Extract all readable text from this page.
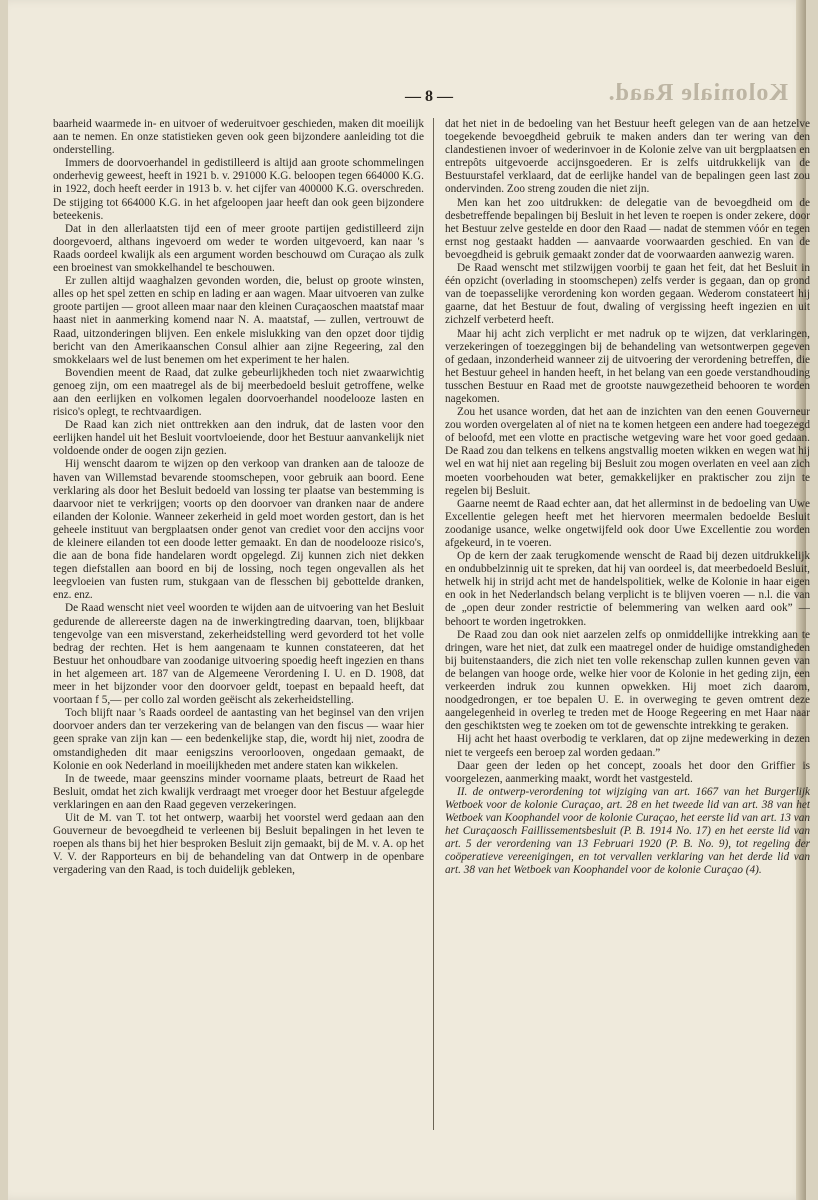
Koloniale Raad.
— 8 —

baarheid waarmede in- en uitvoer of wederuitvoer geschieden, maken dit moeilijk aan te nemen. En onze statistieken geven ook geen bijzondere aanleiding tot die onderstelling.

Immers de doorvoerhandel in gedistilleerd is altijd aan groote schommelingen onderhevig geweest, heeft in 1921 b. v. 291000 K.G. beloopen tegen 664000 K.G. in 1922, doch heeft eerder in 1913 b. v. het cijfer van 400000 K.G. overschreden. De stijging tot 664000 K.G. in het afgeloopen jaar heeft dan ook geen bijzondere beteekenis.

Dat in den allerlaatsten tijd een of meer groote partijen gedistilleerd zijn doorgevoerd, althans ingevoerd om weder te worden uitgevoerd, kan naar 's Raads oordeel kwalijk als een argument worden beschouwd om Curaçao als zulk een broeinest van smokkelhandel te beschouwen.

Er zullen altijd waaghalzen gevonden worden, die, belust op groote winsten, alles op het spel zetten en schip en lading er aan wagen. Maar uitvoeren van zulke groote partijen — groot alleen maar naar den kleinen Curaçaoschen maatstaf maar haast niet in aanmerking komend naar N. A. maatstaf, — zullen, vertrouwt de Raad, uitzonderingen blijven. Een enkele mislukking van den opzet door tijdig bericht van den Amerikaanschen Consul alhier aan zijne Regeering, zal den smokkelaars wel de lust benemen om het experiment te her halen.

Bovendien meent de Raad, dat zulke gebeurlijkheden toch niet zwaarwichtig genoeg zijn, om een maatregel als de bij meerbedoeld besluit getroffene, welke aan den eerlijken en volkomen legalen doorvoerhandel noodelooze lasten en risico's oplegt, te rechtvaardigen.

De Raad kan zich niet onttrekken aan den indruk, dat de lasten voor den eerlijken handel uit het Besluit voortvloeiende, door het Bestuur aanvankelijk niet voldoende onder de oogen zijn gezien.

Hij wenscht daarom te wijzen op den verkoop van dranken aan de talooze de haven van Willemstad bevarende stoomschepen, voor gebruik aan boord. Eene verklaring als door het Besluit bedoeld van lossing ter plaatse van bestemming is daarvoor niet te verkrijgen; voorts op den doorvoer van dranken naar de andere eilanden der Kolonie. Wanneer zekerheid in geld moet worden gestort, dan is het geheele instituut van bergplaatsen onder genot van crediet voor den accijns voor de kleinere eilanden tot een doode letter gemaakt. En dan de noodelooze risico's, die aan de bona fide handelaren wordt opgelegd. Zij kunnen zich niet dekken tegen diefstallen aan boord en bij de lossing, noch tegen ongevallen als het leegvloeien van fusten rum, stukgaan van de flesschen bij gebottelde dranken, enz. enz.

De Raad wenscht niet veel woorden te wijden aan de uitvoering van het Besluit gedurende de allereerste dagen na de inwerkingtreding daarvan, toen, blijkbaar tengevolge van een misverstand, zekerheidstelling werd gevorderd tot het volle bedrag der rechten. Het is hem aangenaam te kunnen constateeren, dat het Bestuur het onhoudbare van zoodanige uitvoering spoedig heeft ingezien en thans in het algemeen art. 187 van de Algemeene Verordening I. U. en D. 1908, dat meer in het bijzonder voor den doorvoer geldt, toepast en bepaald heeft, dat voortaan f 5,— per collo zal worden geëischt als zekerheidstelling.

Toch blijft naar 's Raads oordeel de aantasting van het beginsel van den vrijen doorvoer anders dan ter verzekering van de belangen van den fiscus — waar hier geen sprake van zijn kan — een bedenkelijke stap, die, wordt hij niet, zoodra de omstandigheden dit maar eenigszins veroorlooven, ongedaan gemaakt, de Kolonie en ook Nederland in moeilijkheden met andere staten kan wikkelen.

In de tweede, maar geenszins minder voorname plaats, betreurt de Raad het Besluit, omdat het zich kwalijk verdraagt met vroeger door het Bestuur afgelegde verklaringen en aan den Raad gegeven verzekeringen.

Uit de M. van T. tot het ontwerp, waarbij het voorstel werd gedaan aan den Gouverneur de bevoegdheid te verleenen bij Besluit bepalingen in het leven te roepen als thans bij het hier besproken Besluit zijn gemaakt, bij de M. v. A. op het V. V. der Rapporteurs en bij de behandeling van dat Ontwerp in de openbare vergadering van den Raad, is toch duidelijk gebleken,

dat het niet in de bedoeling van het Bestuur heeft gelegen van de aan hetzelve toegekende bevoegdheid gebruik te maken anders dan ter wering van den clandestienen invoer of wederinvoer in de Kolonie zelve van uit bergplaatsen en entrepôts uitgevoerde accijnsgoederen. Er is zelfs uitdrukkelijk van de Bestuurstafel verklaard, dat de eerlijke handel van de bepalingen geen last zou ondervinden. Zoo streng zouden die niet zijn.

Men kan het zoo uitdrukken: de delegatie van de bevoegdheid om de desbetreffende bepalingen bij Besluit in het leven te roepen is onder zekere, door het Bestuur zelve gestelde en door den Raad — nadat de stemmen vóór en tegen ernst nog gestaakt hadden — aanvaarde voorwaarden geschied. En van de bevoegdheid is gebruik gemaakt zonder dat de voorwaarden aanwezig waren.

De Raad wenscht met stilzwijgen voorbij te gaan het feit, dat het Besluit in één opzicht (overlading in stoomschepen) zelfs verder is gegaan, dan op grond van de toepasselijke verordening kon worden gegaan. Wederom constateert hij gaarne, dat het Bestuur de fout, dwaling of vergissing heeft ingezien en uit zichzelf verbeterd heeft.

Maar hij acht zich verplicht er met nadruk op te wijzen, dat verklaringen, verzekeringen of toezeggingen bij de behandeling van wetsontwerpen gegeven of gedaan, inzonderheid wanneer zij de uitvoering der verordening betreffen, die het Bestuur geheel in handen heeft, in het belang van een goede verstandhouding tusschen Bestuur en Raad met de grootste nauwgezetheid behooren te worden nagekomen.

Zou het usance worden, dat het aan de inzichten van den eenen Gouverneur zou worden overgelaten al of niet na te komen hetgeen een andere had toegezegd of beloofd, met een vlotte en practische wetgeving ware het voor goed gedaan. De Raad zou dan telkens en telkens angstvallig moeten wikken en wegen wat hij wel en wat hij niet aan regeling bij Besluit zou mogen overlaten en veel aan zich moeten voorbehouden wat beter, gemakkelijker en praktischer zou zijn te regelen bij Besluit.

Gaarne neemt de Raad echter aan, dat het allerminst in de bedoeling van Uwe Excellentie gelegen heeft met het hiervoren meermalen bedoelde Besluit zoodanige usance, welke ongetwijfeld ook door Uwe Excellentie zou worden afgekeurd, in te voeren.

Op de kern der zaak terugkomende wenscht de Raad bij dezen uitdrukkelijk en ondubbelzinnig uit te spreken, dat hij van oordeel is, dat meerbedoeld Besluit, hetwelk hij in strijd acht met de handelspolitiek, welke de Kolonie in haar eigen en ook in het Nederlandsch belang verplicht is te blijven voeren — n.l. die van de „open deur zonder restrictie of belemmering van welken aard ook” — behoort te worden ingetrokken.

De Raad zou dan ook niet aarzelen zelfs op onmiddellijke intrekking aan te dringen, ware het niet, dat zulk een maatregel onder de huidige omstandigheden bij buitenstaanders, die zich niet ten volle rekenschap zullen kunnen geven van de belangen van hooge orde, welke hier voor de Kolonie in het geding zijn, een verkeerden indruk zou kunnen opwekken. Hij moet zich daarom, noodgedrongen, er toe bepalen U. E. in overweging te geven omtrent deze aangelegenheid in overleg te treden met de Hooge Regeering en met Haar naar den geschiktsten weg te zoeken om tot de gewenschte intrekking te geraken.

Hij acht het haast overbodig te verklaren, dat op zijne medewerking in dezen niet te vergeefs een beroep zal worden gedaan.”

Daar geen der leden op het concept, zooals het door den Griffier is voorgelezen, aanmerking maakt, wordt het vastgesteld.

II. de ontwerp-verordening tot wijziging van art. 1667 van het Burgerlijk Wetboek voor de kolonie Curaçao, art. 28 en het tweede lid van art. 38 van het Wetboek van Koophandel voor de kolonie Curaçao, het eerste lid van art. 13 van het Curaçaosch Faillissementsbesluit (P. B. 1914 No. 17) en het eerste lid van art. 5 der verordening van 13 Februari 1920 (P. B. No. 9), tot regeling der coöperatieve vereenigingen, en tot vervallen verklaring van het derde lid van art. 38 van het Wetboek van Koophandel voor de kolonie Curaçao (4).
